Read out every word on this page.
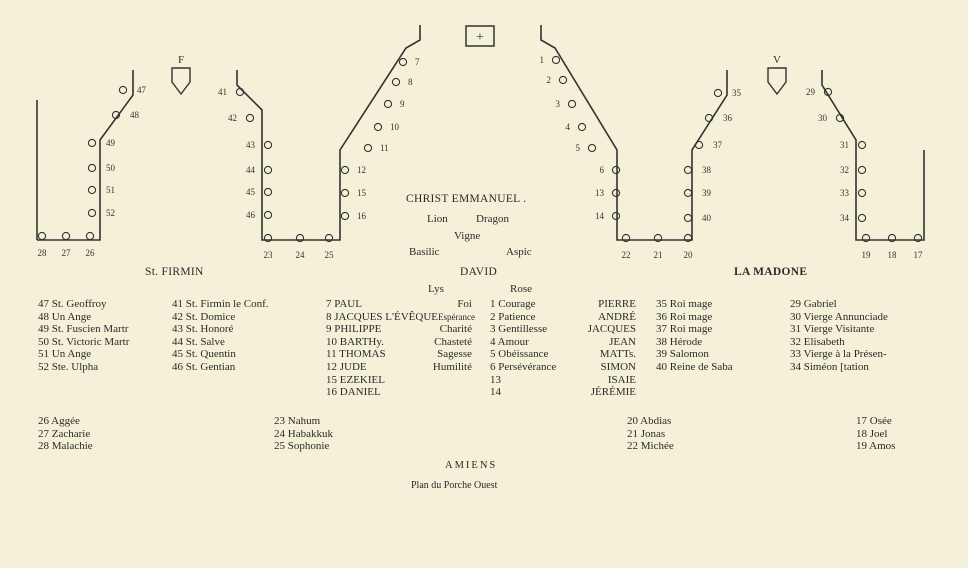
+
F	V
47
48
49
50
51
52
41
42
43
44
45
46
28 27 26
7
8
9
10
11
12
15
16
23	24 25
1
2
3
4
5
6
13
14
22	21 20
35
36
37
38
39
40
29
30
31
32
33
34
19 18 17
CHRIST EMMANUEL .
Lion	Dragon
Vigne
Basilic	Aspic
St. FIRMIN	DAVID	LA MADONE
Lys	Rose
47 St. Geoffroy
48 Un Ange
49 St. Fuscien Martr
50 St. Victoric Martr
51 Un Ange
52 Ste. Ulpha
41 St. Firmin le Conf.
42 St. Domice
43 St. Honoré
44 St. Salve
45 St. Quentin
46 St. Gentian
7 PAUL	Foi
8 JACQUES L'ÉVÊQUE Espérance
9 PHILIPPE	Charité
10 BARTHy.	Chasteté
11 THOMAS	Sagesse
12 JUDE	Humilité
15 EZEKIEL
16 DANIEL
1 Courage	PIERRE
2 Patience	ANDRÉ
3 Gentillesse	JACQUES
4 Amour	JEAN
5 Obéissance	MATTs.
6 Persévérance	SIMON
13	ISAIE
14	JÉRÉMIE
35 Roi mage
36 Roi mage
37 Roi mage
38 Hérode
39 Salomon
40 Reine de Saba
29 Gabriel
30 Vierge Annunciade
31 Vierge Visitante
32 Elisabeth
33 Vierge à la Présen-
34 Siméon [tation
26 Aggée
27 Zacharie
28 Malachie
23 Nahum
24 Habakkuk
25 Sophonie
20 Abdias
21 Jonas
22 Michée
17 Osée
18 Joel
19 Amos
AMIENS
Plan du Porche Ouest
